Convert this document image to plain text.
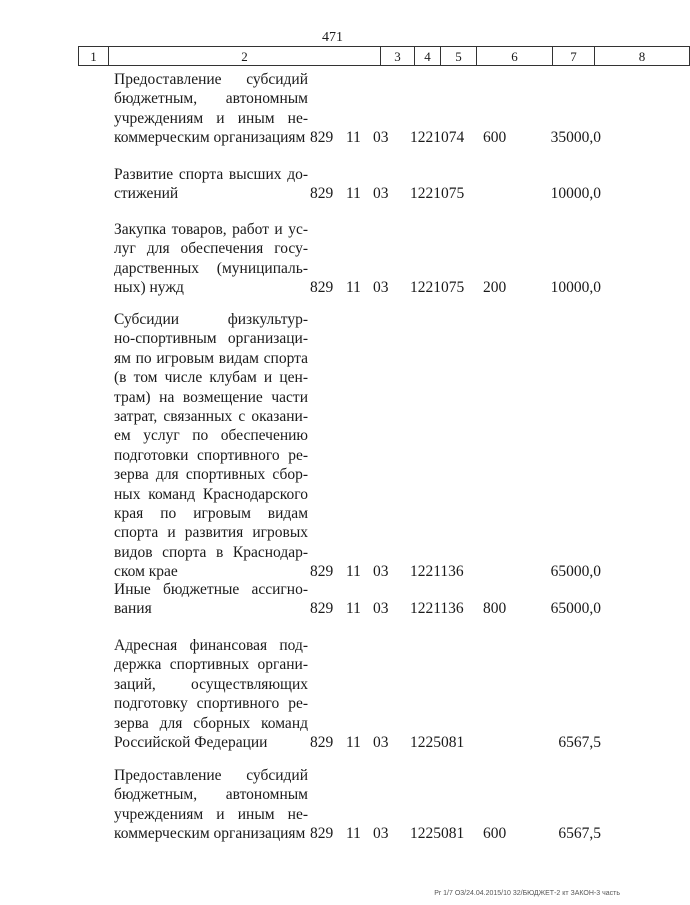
471
1	2	3	4	5	6	7	8
Предоставление субсидий
бюджетным, автономным
учреждениям и иным не-
коммерческим организациям 829 11 03 1221074 600	35000,0
Развитие спорта высших до-
стижений	829 11 03 1221075	10000,0
Закупка товаров, работ и ус-
луг для обеспечения госу-
дарственных (муниципаль-
ных) нужд	829 11 03 1221075 200	10000,0
Субсидии физкультур-
но-спортивным организаци-
ям по игровым видам спорта
(в том числе клубам и цен-
трам) на возмещение части
затрат, связанных с оказани-
ем услуг по обеспечению
подготовки спортивного ре-
зерва для спортивных сбор-
ных команд Краснодарского
края по игровым видам
спорта и развития игровых
видов спорта в Краснодар-
ском крае	829 11 03 1221136	65000,0
Иные бюджетные ассигно-
вания	829 11 03 1221136 800	65000,0
Адресная финансовая под-
держка спортивных органи-
заций, осуществляющих
подготовку спортивного ре-
зерва для сборных команд
Российской Федерации	829 11 03 1225081	6567,5
Предоставление субсидий
бюджетным, автономным
учреждениям и иным не-
коммерческим организациям 829 11 03 1225081 600	6567,5
Pr 1/7 O3/24.04.2015/10 32/БЮДЖЕТ-2 кт ЗАКОН-3 часть
